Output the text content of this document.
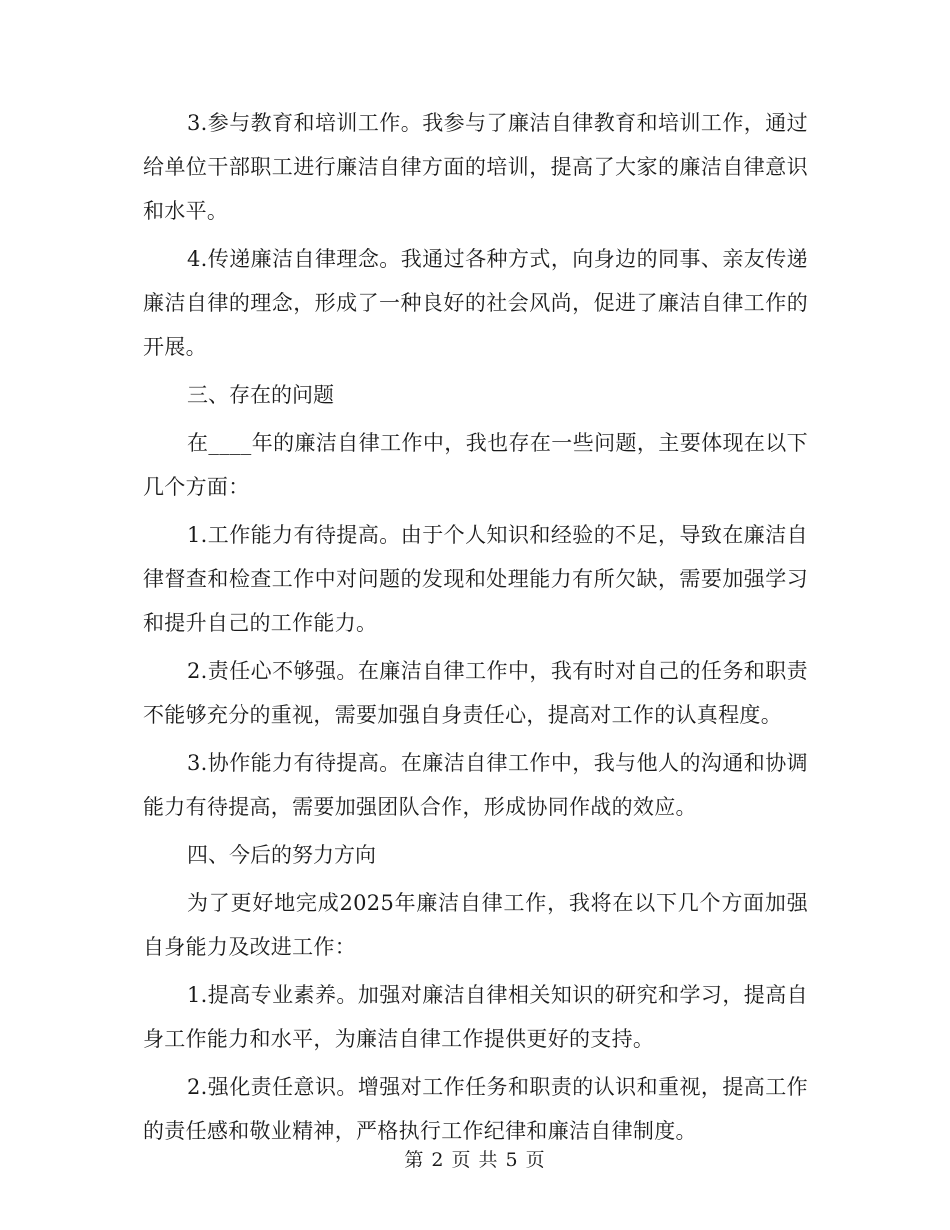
3.参与教育和培训工作。我参与了廉洁自律教育和培训工作，通过给单位干部职工进行廉洁自律方面的培训，提高了大家的廉洁自律意识和水平。

4.传递廉洁自律理念。我通过各种方式，向身边的同事、亲友传递廉洁自律的理念，形成了一种良好的社会风尚，促进了廉洁自律工作的开展。

三、存在的问题

在____年的廉洁自律工作中，我也存在一些问题，主要体现在以下几个方面：

1.工作能力有待提高。由于个人知识和经验的不足，导致在廉洁自律督查和检查工作中对问题的发现和处理能力有所欠缺，需要加强学习和提升自己的工作能力。

2.责任心不够强。在廉洁自律工作中，我有时对自己的任务和职责不能够充分的重视，需要加强自身责任心，提高对工作的认真程度。

3.协作能力有待提高。在廉洁自律工作中，我与他人的沟通和协调能力有待提高，需要加强团队合作，形成协同作战的效应。

四、今后的努力方向

为了更好地完成2025年廉洁自律工作，我将在以下几个方面加强自身能力及改进工作：

1.提高专业素养。加强对廉洁自律相关知识的研究和学习，提高自身工作能力和水平，为廉洁自律工作提供更好的支持。

2.强化责任意识。增强对工作任务和职责的认识和重视，提高工作的责任感和敬业精神，严格执行工作纪律和廉洁自律制度。

第 2 页 共 5 页
